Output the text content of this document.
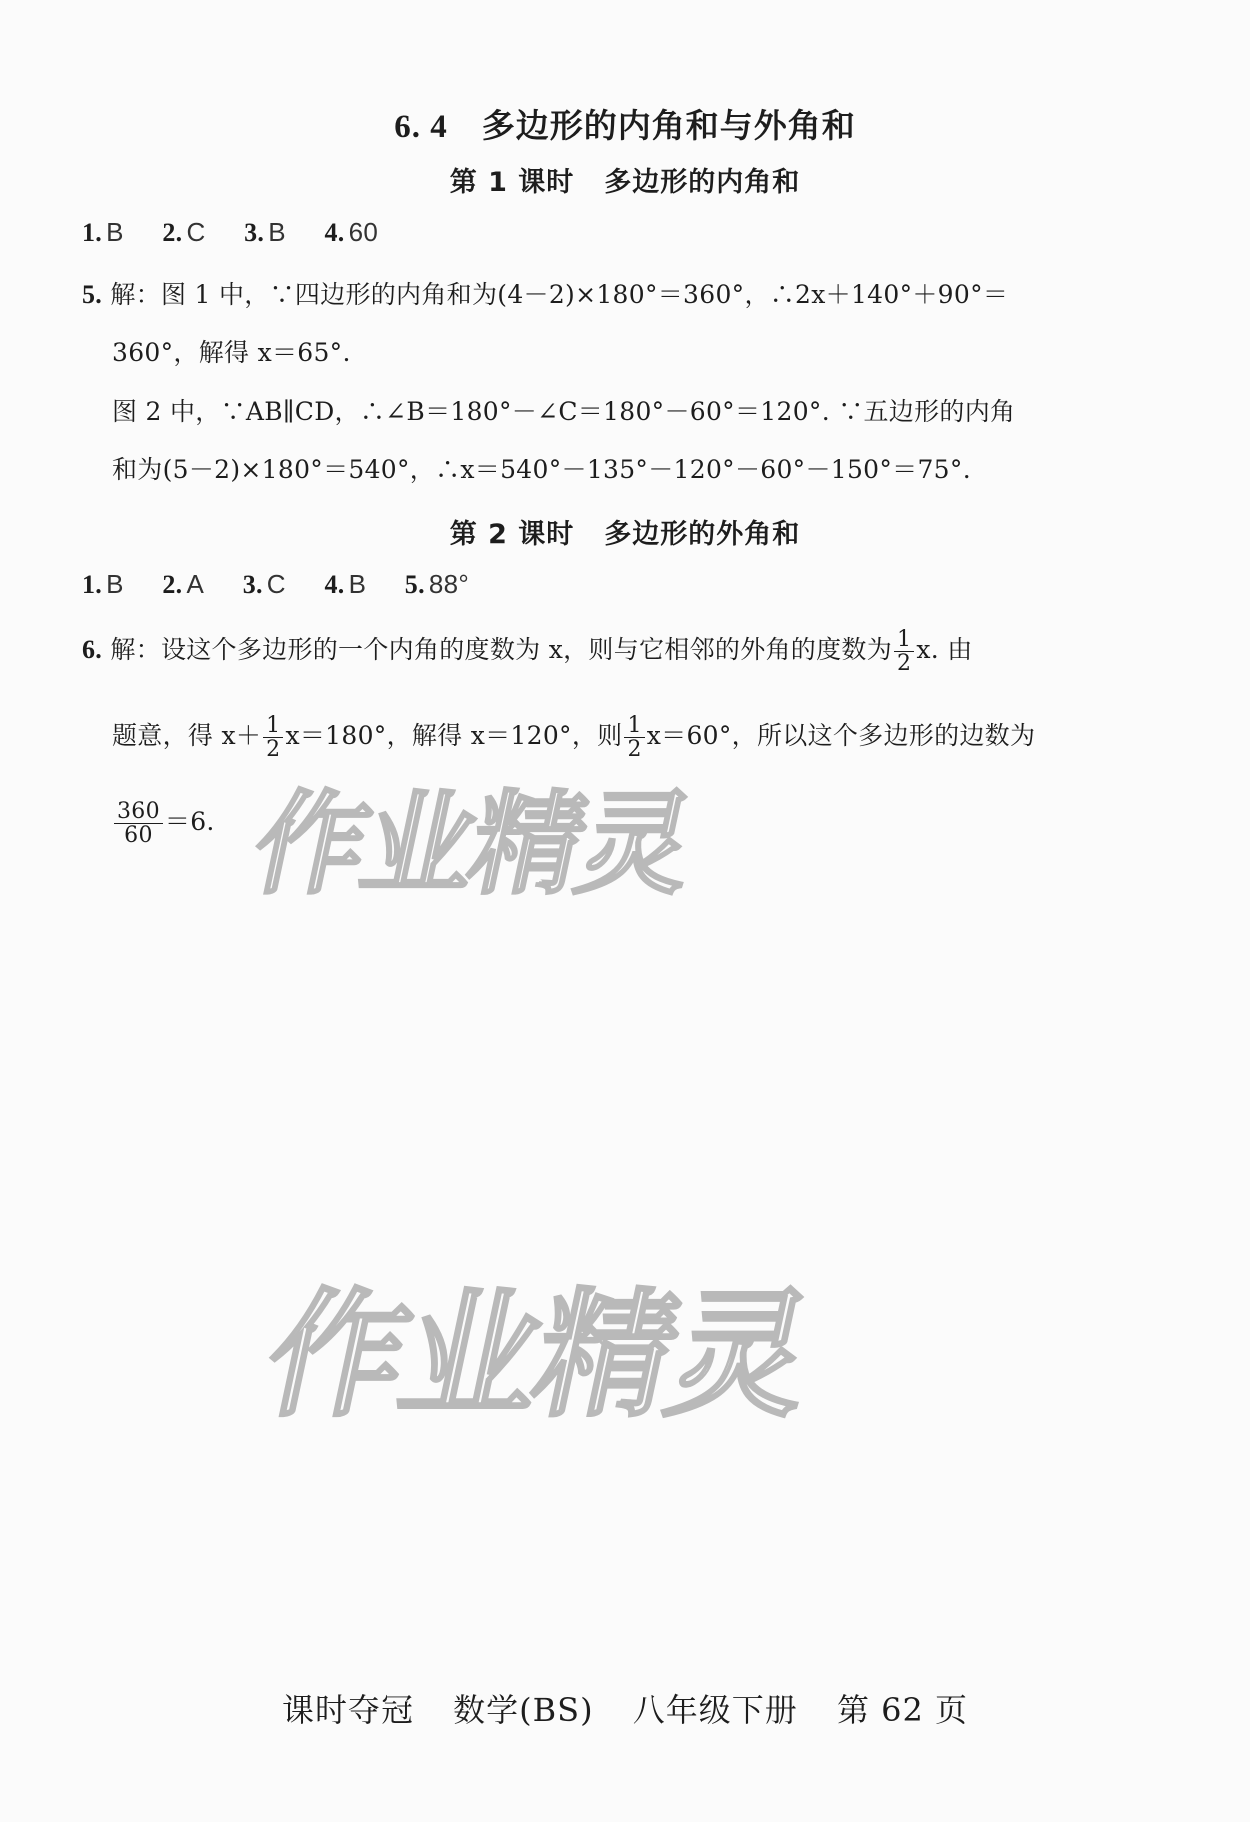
6. 4 多边形的内角和与外角和
第 1 课时 多边形的内角和
1. B 2. C 3. B 4. 60
5. 解：图 1 中，∵四边形的内角和为(4－2)×180°＝360°，∴2x＋140°＋90°＝
360°，解得 x＝65°.
图 2 中，∵AB∥CD，∴∠B＝180°－∠C＝180°－60°＝120°. ∵五边形的内角
和为(5－2)×180°＝540°，∴x＝540°－135°－120°－60°－150°＝75°.
第 2 课时 多边形的外角和
1. B 2. A 3. C 4. B 5. 88°
6. 解：设这个多边形的一个内角的度数为 x，则与它相邻的外角的度数为 $\frac{1}{2} x$. 由
题意，得 $x+ \frac{1}{2} x=180^\circ$，解得 x＝120°，则 $\frac{1}{2} x=60^\circ$，所以这个多边形的边数为
$\frac{360}{60} =6$. 作业精灵
作业精灵
课时夺冠 数学(BS) 八年级下册 第 62 页
